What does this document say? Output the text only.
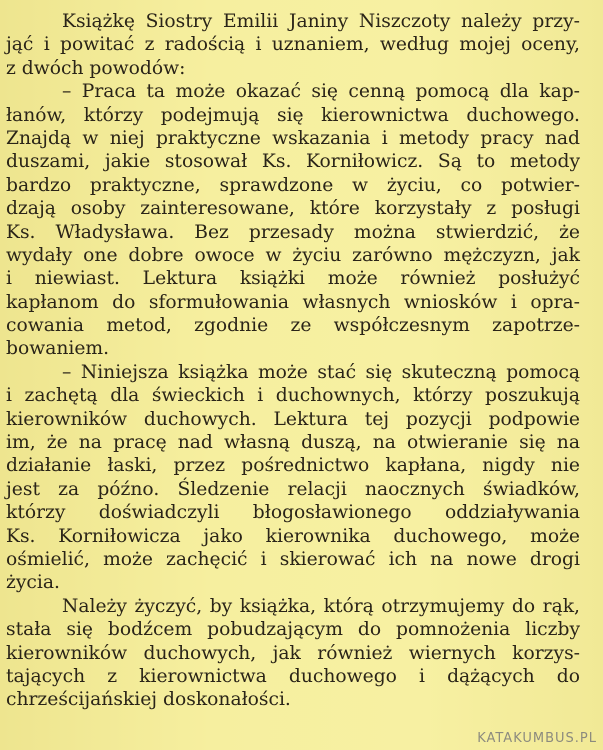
Książkę Siostry Emilii Janiny Niszczoty należy przy-
jąć i powitać z radością i uznaniem, według mojej oceny,
z dwóch powodów:
– Praca ta może okazać się cenną pomocą dla kap-
łanów, którzy podejmują się kierownictwa duchowego.
Znajdą w niej praktyczne wskazania i metody pracy nad
duszami, jakie stosował Ks. Korniłowicz. Są to metody
bardzo praktyczne, sprawdzone w życiu, co potwier-
dzają osoby zainteresowane, które korzystały z posługi
Ks. Władysława. Bez przesady można stwierdzić, że
wydały one dobre owoce w życiu zarówno mężczyzn, jak
i niewiast. Lektura książki może również posłużyć
kapłanom do sformułowania własnych wniosków i opra-
cowania metod, zgodnie ze współczesnym zapotrze-
bowaniem.
– Niniejsza książka może stać się skuteczną pomocą
i zachętą dla świeckich i duchownych, którzy poszukują
kierowników duchowych. Lektura tej pozycji podpowie
im, że na pracę nad własną duszą, na otwieranie się na
działanie łaski, przez pośrednictwo kapłana, nigdy nie
jest za późno. Śledzenie relacji naocznych świadków,
którzy doświadczyli błogosławionego oddziaływania
Ks. Korniłowicza jako kierownika duchowego, może
ośmielić, może zachęcić i skierować ich na nowe drogi
życia.
Należy życzyć, by książka, którą otrzymujemy do rąk,
stała się bodźcem pobudzającym do pomnożenia liczby
kierowników duchowych, jak również wiernych korzys-
tających z kierownictwa duchowego i dążących do
chrześcijańskiej doskonałości.
KATAKUMBUS.PL
